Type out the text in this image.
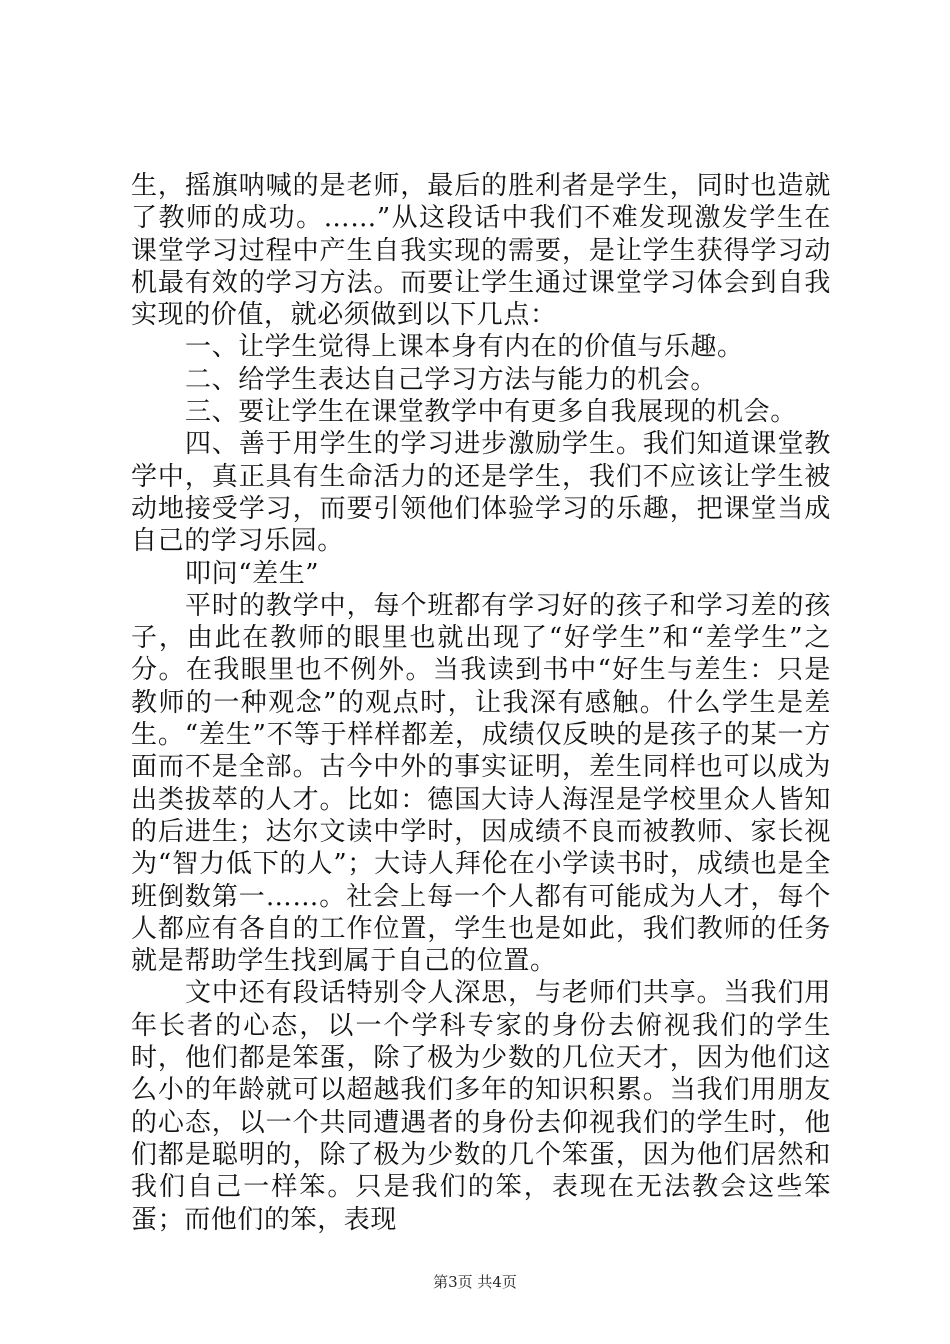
生，摇旗呐喊的是老师，最后的胜利者是学生，同时也造就了教师的成功。……”从这段话中我们不难发现激发学生在课堂学习过程中产生自我实现的需要，是让学生获得学习动机最有效的学习方法。而要让学生通过课堂学习体会到自我实现的价值，就必须做到以下几点：

一、让学生觉得上课本身有内在的价值与乐趣。

二、给学生表达自己学习方法与能力的机会。

三、要让学生在课堂教学中有更多自我展现的机会。

四、善于用学生的学习进步激励学生。我们知道课堂教学中，真正具有生命活力的还是学生，我们不应该让学生被动地接受学习，而要引领他们体验学习的乐趣，把课堂当成自己的学习乐园。

叩问“差生”

平时的教学中，每个班都有学习好的孩子和学习差的孩子，由此在教师的眼里也就出现了“好学生”和“差学生”之分。在我眼里也不例外。当我读到书中“好生与差生：只是教师的一种观念”的观点时，让我深有感触。什么学生是差生。“差生”不等于样样都差，成绩仅反映的是孩子的某一方面而不是全部。古今中外的事实证明，差生同样也可以成为出类拔萃的人才。比如：德国大诗人海涅是学校里众人皆知的后进生；达尔文读中学时，因成绩不良而被教师、家长视为“智力低下的人”；大诗人拜伦在小学读书时，成绩也是全班倒数第一……。社会上每一个人都有可能成为人才，每个人都应有各自的工作位置，学生也是如此，我们教师的任务就是帮助学生找到属于自己的位置。

文中还有段话特别令人深思，与老师们共享。当我们用年长者的心态，以一个学科专家的身份去俯视我们的学生时，他们都是笨蛋，除了极为少数的几位天才，因为他们这么小的年龄就可以超越我们多年的知识积累。当我们用朋友的心态，以一个共同遭遇者的身份去仰视我们的学生时，他们都是聪明的，除了极为少数的几个笨蛋，因为他们居然和我们自己一样笨。只是我们的笨，表现在无法教会这些笨蛋；而他们的笨，表现

第3页 共4页
